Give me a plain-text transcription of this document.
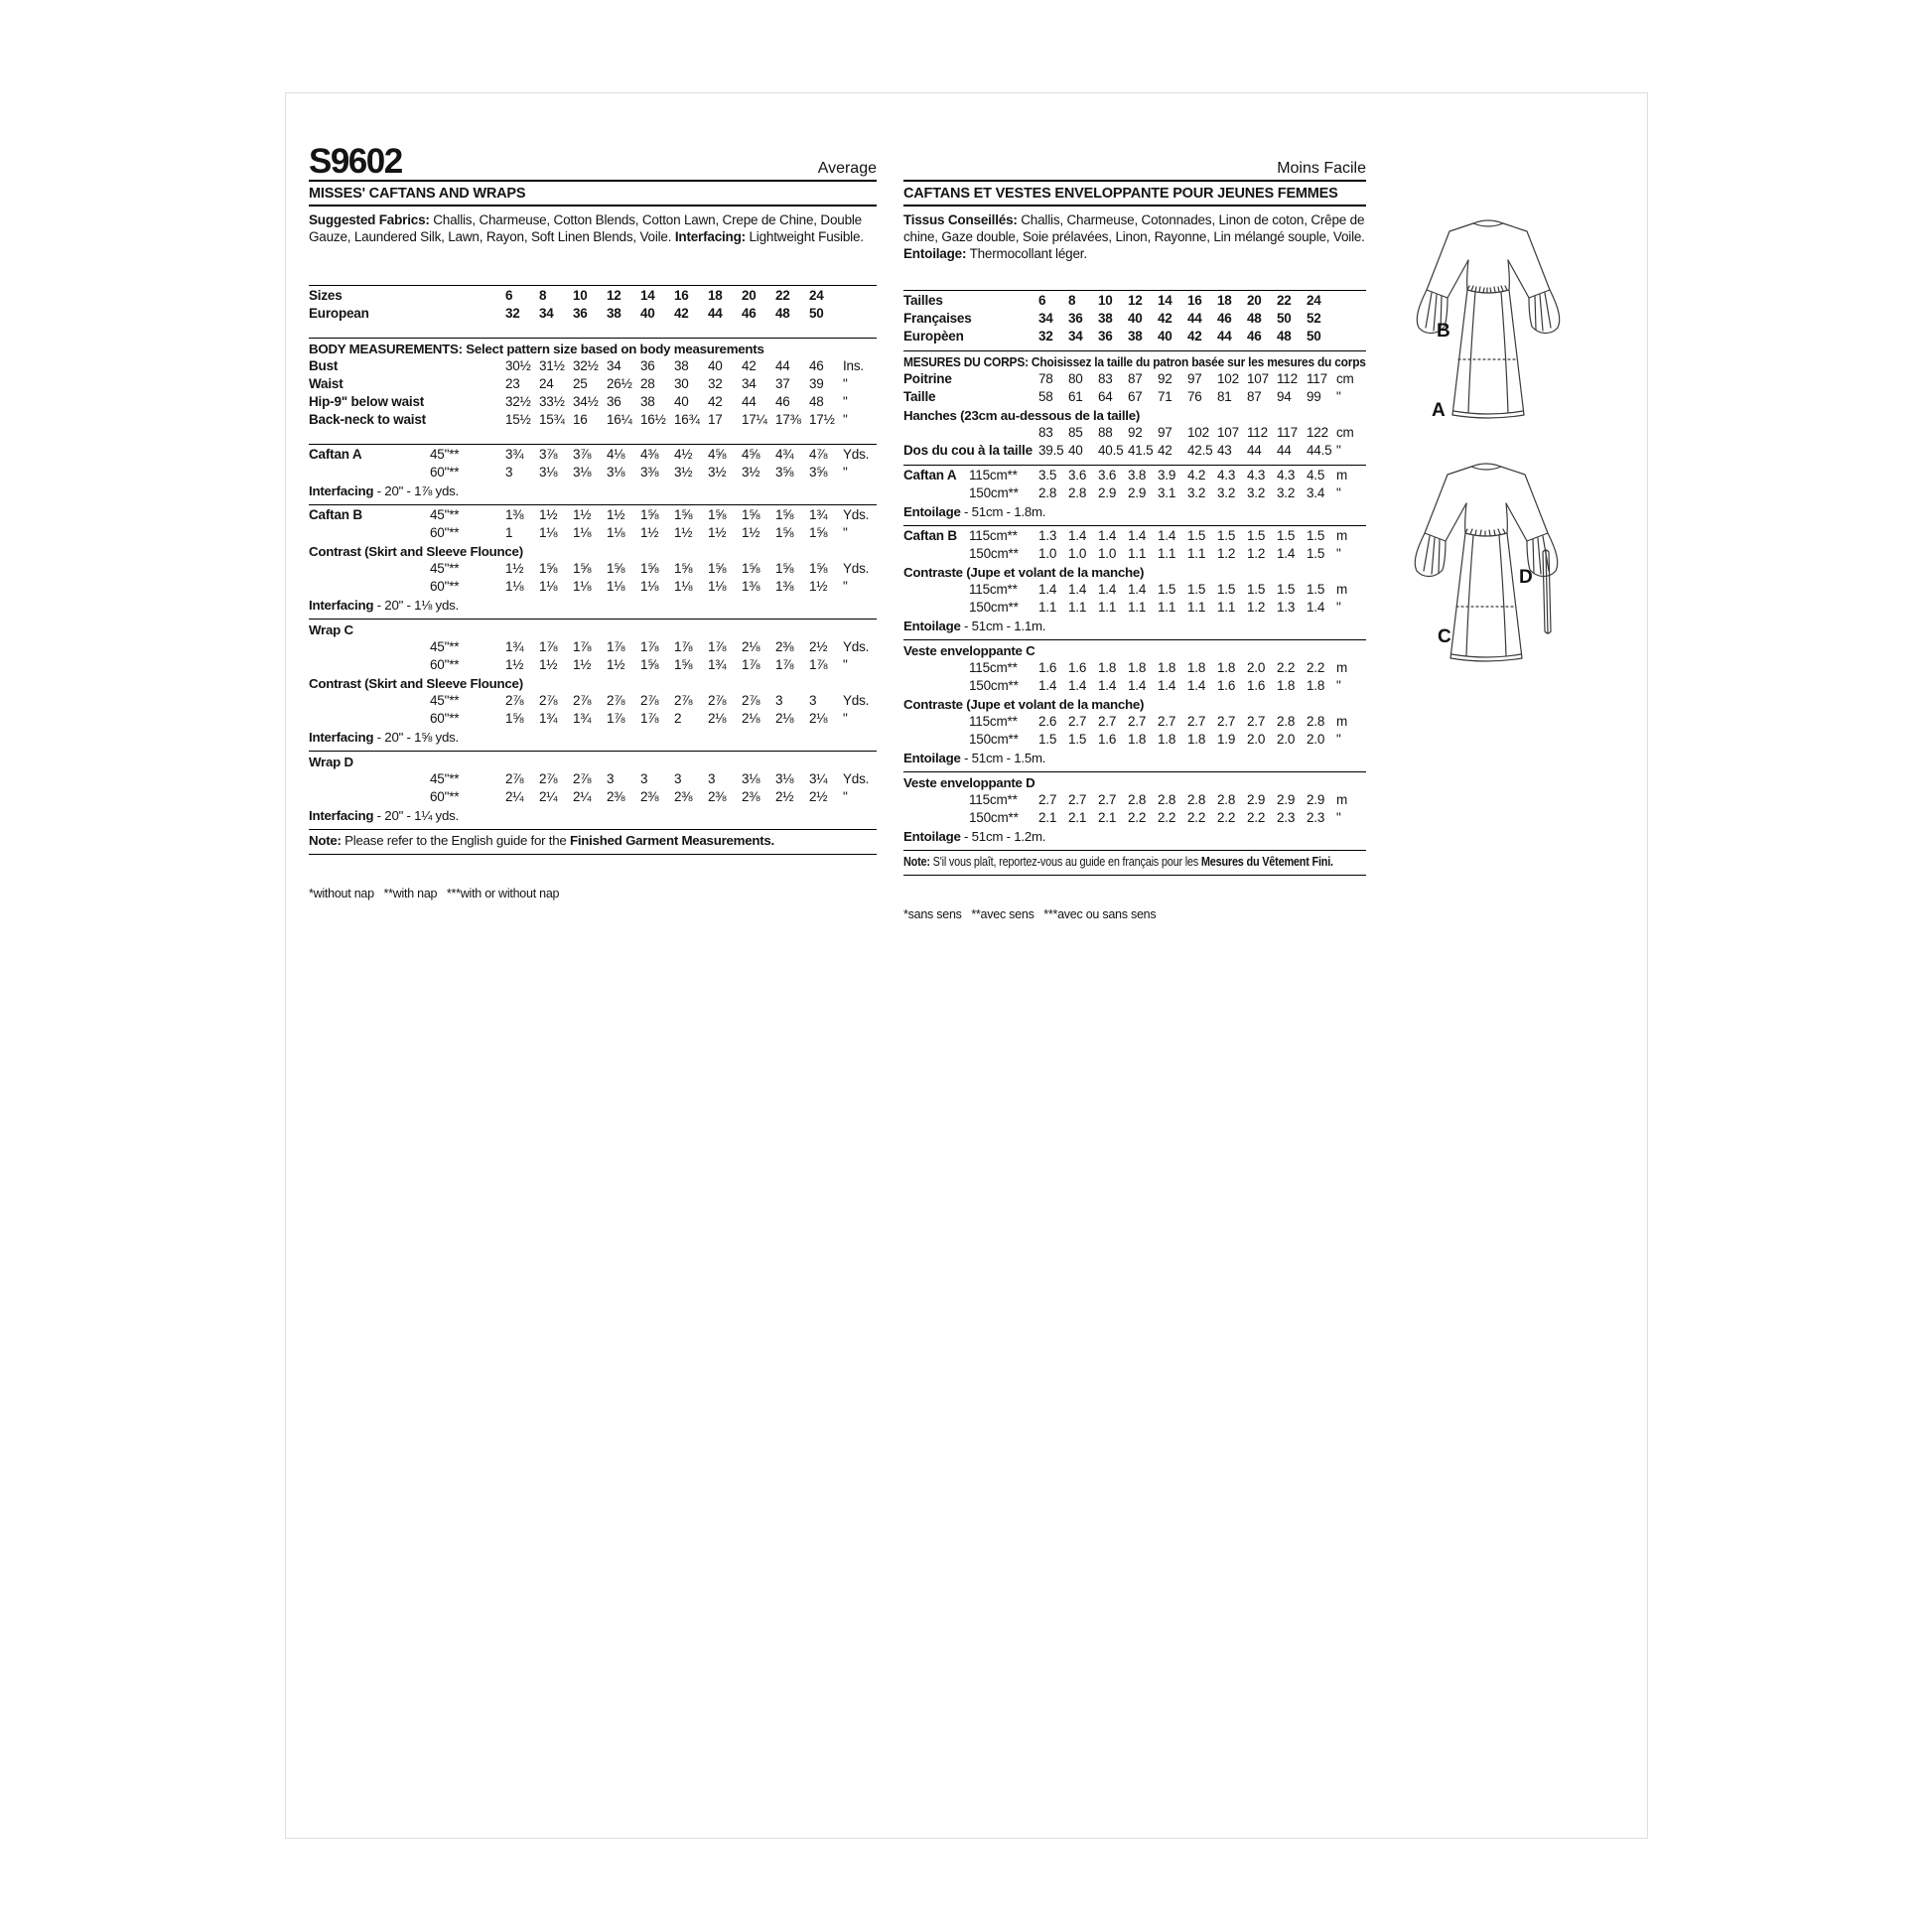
S9602	Average
MISSES' CAFTANS AND WRAPS
Suggested Fabrics: Challis, Charmeuse, Cotton Blends, Cotton Lawn, Crepe de Chine, Double Gauze, Laundered Silk, Lawn, Rayon, Soft Linen Blends, Voile. Interfacing: Lightweight Fusible.
Sizes	6	8	10	12	14	16	18	20	22	24
European	32	34	36	38	40	42	44	46	48	50
BODY MEASUREMENTS: Select pattern size based on body measurements
Bust	30½ 31½ 32½ 34	36	38	40	42	44	46	Ins.
Waist	23	24	25	26½ 28	30	32	34	37	39	"
Hip-9" below waist	32½ 33½ 34½ 36	38	40	42	44	46	48	"
Back-neck to waist	15½ 15¾ 16	16¼ 16½ 16¾ 17	17¼ 17⅜ 17½ "
Caftan A	45"**	3¾	3⅞	3⅞	4⅛	4⅜	4½	4⅝	4⅝	4¾	4⅞	Yds.
60"**	3	3⅛	3⅛	3⅛	3⅜	3½	3½	3½	3⅝	3⅝	"
Interfacing - 20" - 1⅞ yds.
Caftan B	45"**	1⅜	1½	1½	1½	1⅝	1⅝	1⅝	1⅝	1⅝	1¾	Yds.
60"**	1	1⅛	1⅛	1⅛	1½	1½	1½	1½	1⅝	1⅝	"
Contrast (Skirt and Sleeve Flounce)
45"**	1½	1⅝	1⅝	1⅝	1⅝	1⅝	1⅝	1⅝	1⅝	1⅝	Yds.
60"**	1⅛	1⅛	1⅛	1⅛	1⅛	1⅛	1⅛	1⅜	1⅜	1½	"
Interfacing - 20" - 1⅛ yds.
Wrap C
45"**	1¾	1⅞	1⅞	1⅞	1⅞	1⅞	1⅞	2⅛	2⅜	2½	Yds.
60"**	1½	1½	1½	1½	1⅝	1⅝	1¾	1⅞	1⅞	1⅞	"
Contrast (Skirt and Sleeve Flounce)
45"**	2⅞	2⅞	2⅞	2⅞	2⅞	2⅞	2⅞	2⅞	3	3	Yds.
60"**	1⅝	1¾	1¾	1⅞	1⅞	2	2⅛	2⅛	2⅛	2⅛	"
Interfacing - 20" - 1⅝ yds.
Wrap D
45"**	2⅞	2⅞	2⅞	3	3	3	3	3⅛	3⅛	3¼	Yds.
60"**	2¼	2¼	2¼	2⅜	2⅜	2⅜	2⅜	2⅜	2½	2½	"
Interfacing - 20" - 1¼ yds.
Note: Please refer to the English guide for the Finished Garment Measurements.
*without nap   **with nap   ***with or without nap
Moins Facile
CAFTANS ET VESTES ENVELOPPANTE POUR JEUNES FEMMES
Tissus Conseillés: Challis, Charmeuse, Cotonnades, Linon de coton, Crêpe de chine, Gaze double, Soie prélavées, Linon, Rayonne, Lin mélangé souple, Voile. Entoilage: Thermocollant léger.
Tailles	6	8	10	12	14	16	18	20	22	24
Françaises	34	36	38	40	42	44	46	48	50	52
Europèen	32	34	36	38	40	42	44	46	48	50
MESURES DU CORPS: Choisissez la taille du patron basée sur les mesures du corps
Poitrine	78	80	83	87	92	97	102 107 112 117 cm
Taille	58	61	64	67	71	76	81	87	94	99	"
Hanches (23cm au-dessous de la taille)
83	85	88	92	97	102 107 112 117 122 cm
Dos du cou à la taille 39.5 40	40.5 41.5 42	42.5 43	44	44	44.5 "
Caftan A 115cm**	3.5 3.6 3.6 3.8 3.9 4.2 4.3 4.3 4.3 4.5 m
150cm**	2.8 2.8 2.9 2.9 3.1 3.2 3.2 3.2 3.2 3.4 "
Entoilage - 51cm - 1.8m.
Caftan B 115cm**	1.3 1.4 1.4 1.4 1.4 1.5 1.5 1.5 1.5 1.5 m
150cm**	1.0 1.0 1.0 1.1 1.1 1.1 1.2 1.2 1.4 1.5 "
Contraste (Jupe et volant de la manche)
115cm**	1.4 1.4 1.4 1.4 1.5 1.5 1.5 1.5 1.5 1.5 m
150cm**	1.1 1.1 1.1 1.1 1.1 1.1 1.1 1.2 1.3 1.4 "
Entoilage - 51cm - 1.1m.
Veste enveloppante C
115cm**	1.6 1.6 1.8 1.8 1.8 1.8 1.8 2.0 2.2 2.2 m
150cm**	1.4 1.4 1.4 1.4 1.4 1.4 1.6 1.6 1.8 1.8 "
Contraste (Jupe et volant de la manche)
115cm**	2.6 2.7 2.7 2.7 2.7 2.7 2.7 2.7 2.8 2.8 m
150cm**	1.5 1.5 1.6 1.8 1.8 1.8 1.9 2.0 2.0 2.0 "
Entoilage - 51cm - 1.5m.
Veste enveloppante D
115cm**	2.7 2.7 2.7 2.8 2.8 2.8 2.8 2.9 2.9 2.9 m
150cm**	2.1 2.1 2.1 2.2 2.2 2.2 2.2 2.2 2.3 2.3 "
Entoilage - 51cm - 1.2m.
Note: S'il vous plaît, reportez-vous au guide en français pour les Mesures du Vêtement Fini.
*sans sens   **avec sens   ***avec ou sans sens
B
A
D
C
